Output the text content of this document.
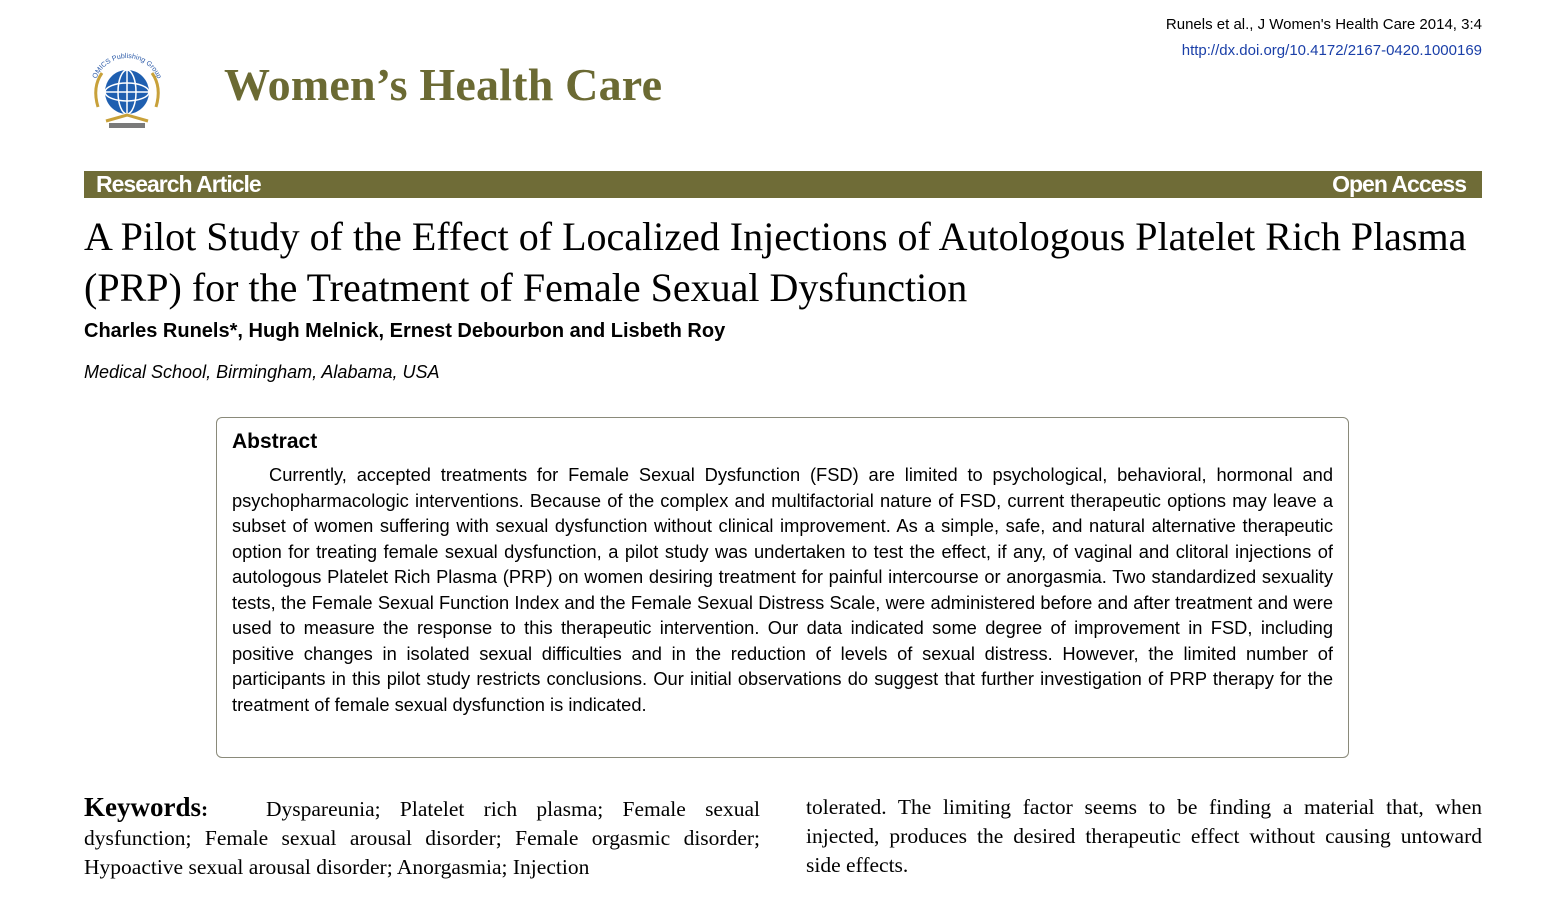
Runels et al., J Women's Health Care 2014, 3:4
http://dx.doi.org/10.4172/2167-0420.1000169
OMICS Publishing Group Women’s Health Care
Research Article	Open Access
A Pilot Study of the Effect of Localized Injections of Autologous Platelet Rich Plasma (PRP) for the Treatment of Female Sexual Dysfunction
Charles Runels*, Hugh Melnick, Ernest Debourbon and Lisbeth Roy
Medical School, Birmingham, Alabama, USA
Abstract

Currently, accepted treatments for Female Sexual Dysfunction (FSD) are limited to psychological, behavioral, hormonal and psychopharmacologic interventions. Because of the complex and multifactorial nature of FSD, current therapeutic options may leave a subset of women suffering with sexual dysfunction without clinical improvement. As a simple, safe, and natural alternative therapeutic option for treating female sexual dysfunction, a pilot study was undertaken to test the effect, if any, of vaginal and clitoral injections of autologous Platelet Rich Plasma (PRP) on women desiring treatment for painful intercourse or anorgasmia. Two standardized sexuality tests, the Female Sexual Function Index and the Female Sexual Distress Scale, were administered before and after treatment and were used to measure the response to this therapeutic intervention. Our data indicated some degree of improvement in FSD, including positive changes in isolated sexual difficulties and in the reduction of levels of sexual distress. However, the limited number of participants in this pilot study restricts conclusions. Our initial observations do suggest that further investigation of PRP therapy for the treatment of female sexual dysfunction is indicated.

Keywords:	Dyspareunia; Platelet rich plasma; Female sexual dysfunction; Female sexual arousal disorder; Female orgasmic disorder; Hypoactive sexual arousal disorder; Anorgasmia; Injection

tolerated. The limiting factor seems to be finding a material that, when injected, produces the desired therapeutic effect without causing untoward side effects.
